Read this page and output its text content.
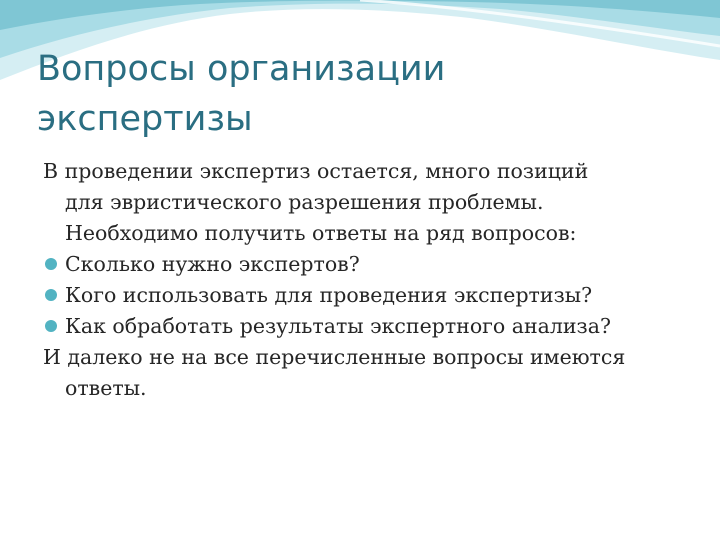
Вопросы организации
экспертизы

В проведении экспертиз остается, много позиций
для эвристического разрешения проблемы.
Необходимо получить ответы на ряд вопросов:

Сколько нужно экспертов?

Кого использовать для проведения экспертизы?

Как обработать результаты экспертного анализа?

И далеко не на все перечисленные вопросы имеются
ответы.
